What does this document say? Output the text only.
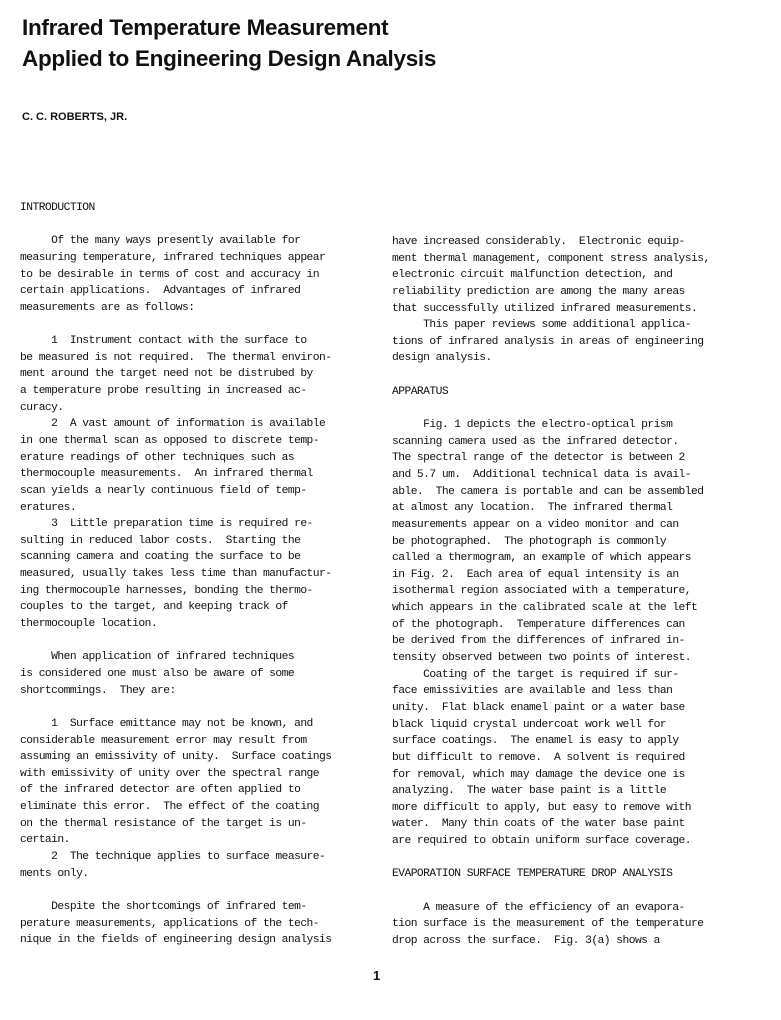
Infrared Temperature Measurement
Applied to Engineering Design Analysis
C. C. ROBERTS, JR.
INTRODUCTION
Of the many ways presently available for
measuring temperature, infrared techniques appear
to be desirable in terms of cost and accuracy in
certain applications.  Advantages of infrared
measurements are as follows:
1  Instrument contact with the surface to
be measured is not required.  The thermal environ-
ment around the target need not be distrubed by
a temperature probe resulting in increased ac-
curacy.
2  A vast amount of information is available
in one thermal scan as opposed to discrete temp-
erature readings of other techniques such as
thermocouple measurements.  An infrared thermal
scan yields a nearly continuous field of temp-
eratures.
3  Little preparation time is required re-
sulting in reduced labor costs.  Starting the
scanning camera and coating the surface to be
measured, usually takes less time than manufactur-
ing thermocouple harnesses, bonding the thermo-
couples to the target, and keeping track of
thermocouple location.
When application of infrared techniques
is considered one must also be aware of some
shortcommings.  They are:
1  Surface emittance may not be known, and
considerable measurement error may result from
assuming an emissivity of unity.  Surface coatings
with emissivity of unity over the spectral range
of the infrared detector are often applied to
eliminate this error.  The effect of the coating
on the thermal resistance of the target is un-
certain.
2  The technique applies to surface measure-
ments only.
Despite the shortcomings of infrared tem-
perature measurements, applications of the tech-
nique in the fields of engineering design analysis
have increased considerably.  Electronic equip-
ment thermal management, component stress analysis,
electronic circuit malfunction detection, and
reliability prediction are among the many areas
that successfully utilized infrared measurements.
This paper reviews some additional applica-
tions of infrared analysis in areas of engineering
design analysis.
APPARATUS
Fig. 1 depicts the electro-optical prism
scanning camera used as the infrared detector.
The spectral range of the detector is between 2
and 5.7 um.  Additional technical data is avail-
able.  The camera is portable and can be assembled
at almost any location.  The infrared thermal
measurements appear on a video monitor and can
be photographed.  The photograph is commonly
called a thermogram, an example of which appears
in Fig. 2.  Each area of equal intensity is an
isothermal region associated with a temperature,
which appears in the calibrated scale at the left
of the photograph.  Temperature differences can
be derived from the differences of infrared in-
tensity observed between two points of interest.
Coating of the target is required if sur-
face emissivities are available and less than
unity.  Flat black enamel paint or a water base
black liquid crystal undercoat work well for
surface coatings.  The enamel is easy to apply
but difficult to remove.  A solvent is required
for removal, which may damage the device one is
analyzing.  The water base paint is a little
more difficult to apply, but easy to remove with
water.  Many thin coats of the water base paint
are required to obtain uniform surface coverage.
EVAPORATION SURFACE TEMPERATURE DROP ANALYSIS
A measure of the efficiency of an evapora-
tion surface is the measurement of the temperature
drop across the surface.  Fig. 3(a) shows a
1
